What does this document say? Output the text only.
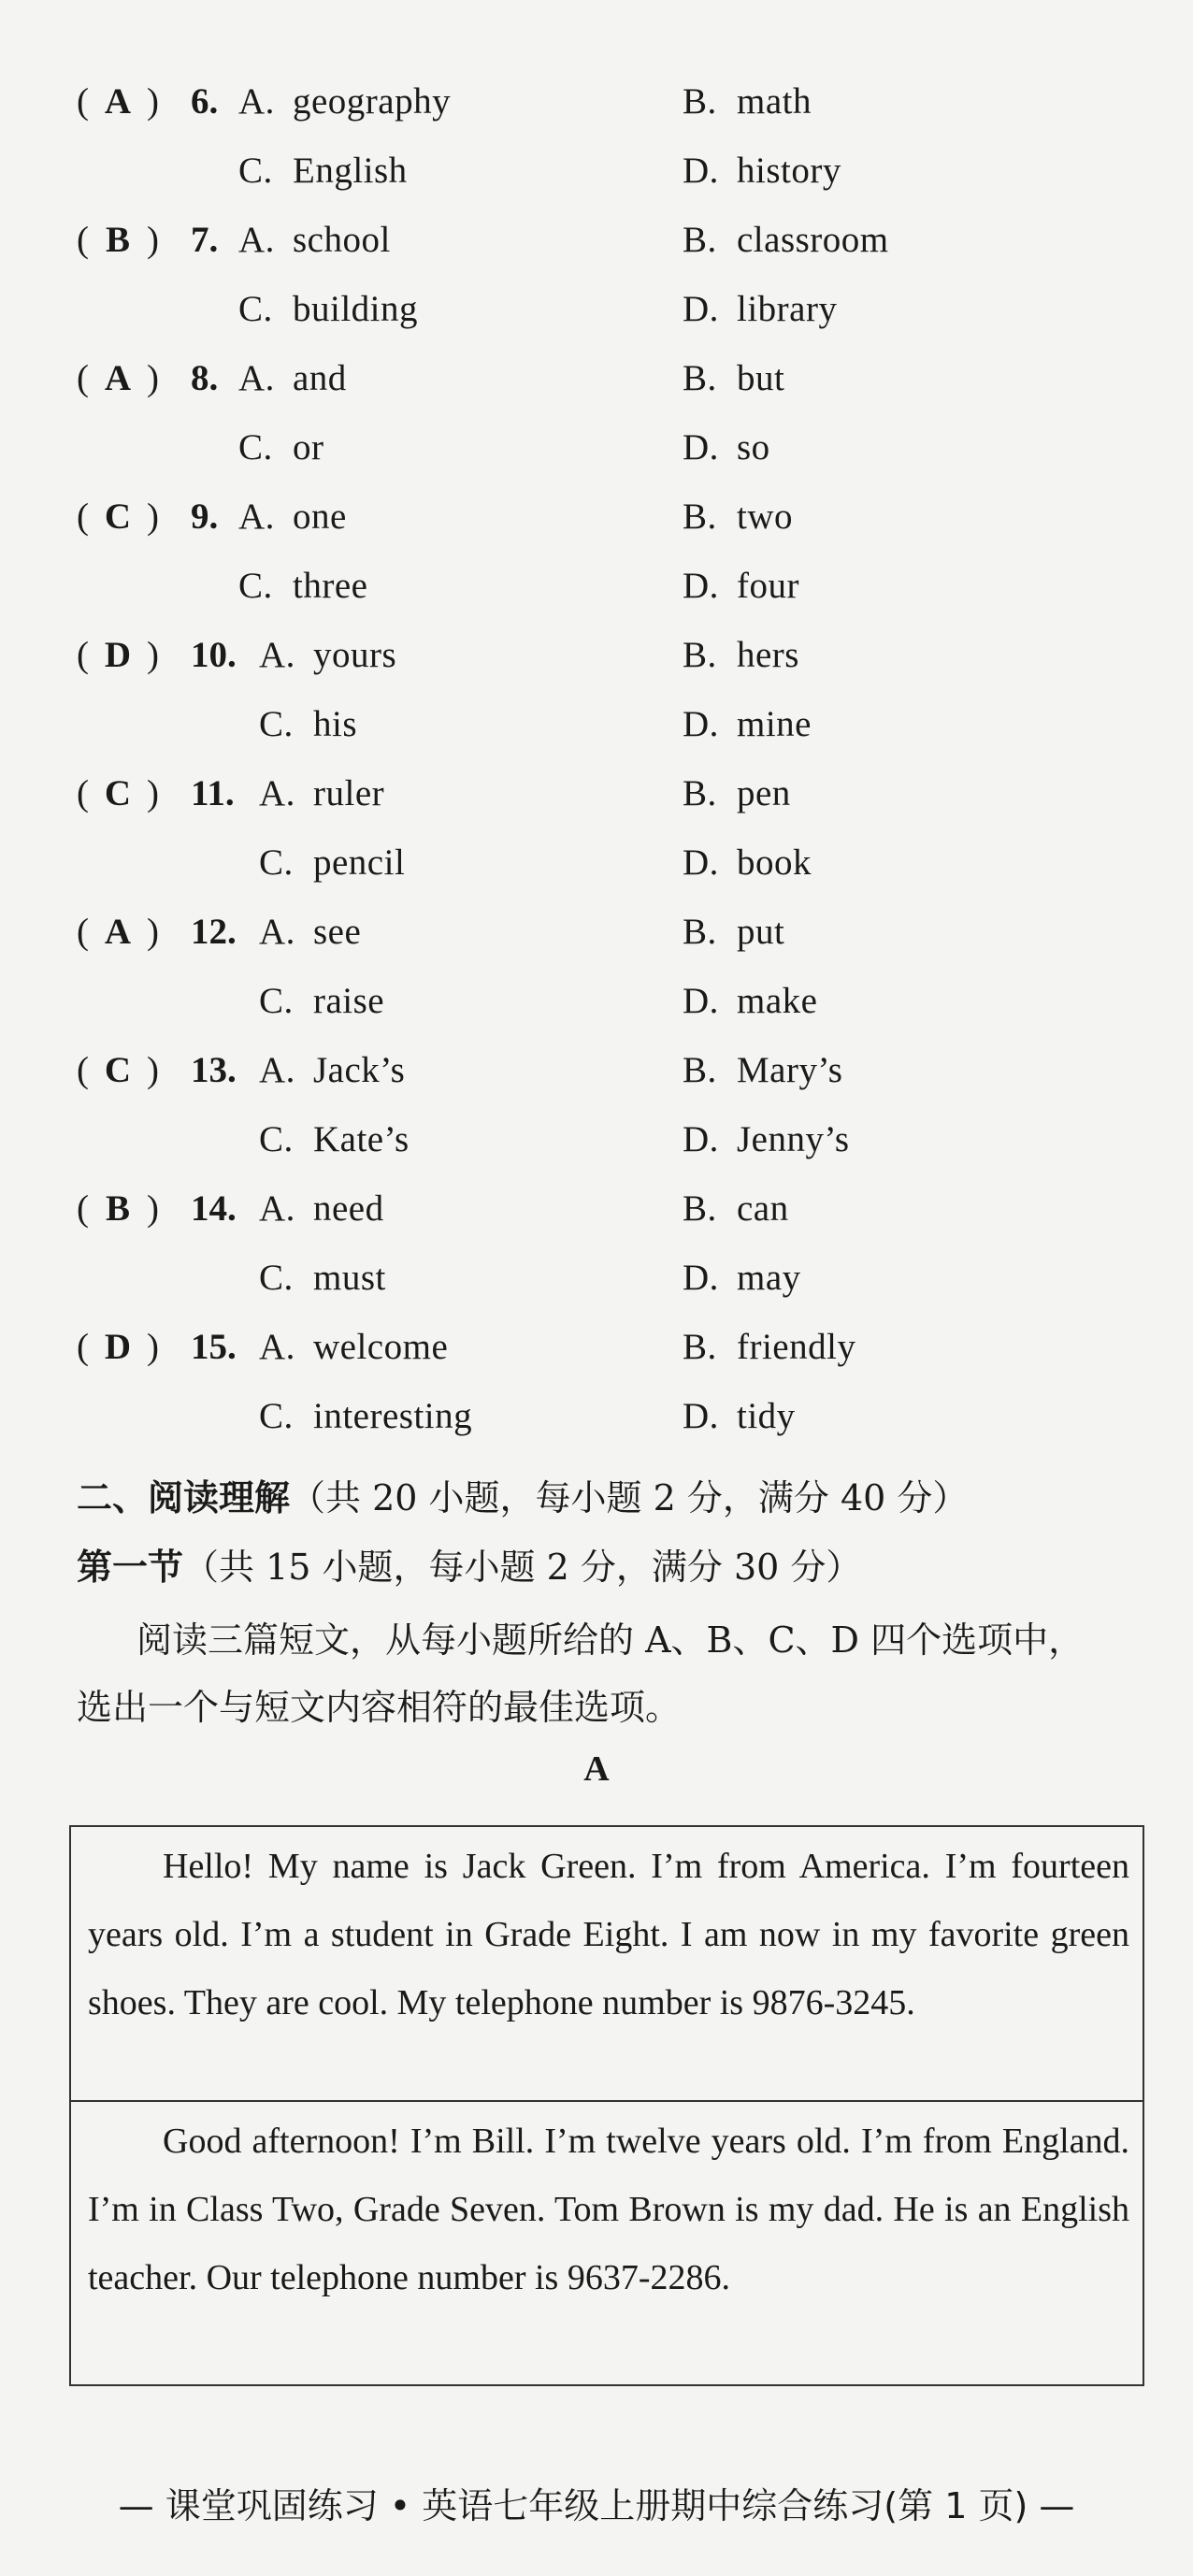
( A ) 6. A. geography	B. math
C. English	D. history
( B ) 7. A. school	B. classroom
C. building	D. library
( A ) 8. A. and	B. but
C. or	D. so
( C ) 9. A. one	B. two
C. three	D. four
( D ) 10. A. yours	B. hers
C. his	D. mine
( C ) 11. A. ruler	B. pen
C. pencil	D. book
( A ) 12. A. see	B. put
C. raise	D. make
( C ) 13. A. Jack’s	B. Mary’s
C. Kate’s	D. Jenny’s
( B ) 14. A. need	B. can
C. must	D. may
( D ) 15. A. welcome	B. friendly
C. interesting	D. tidy
二、阅读理解（共 20 小题，每小题 2 分，满分 40 分）
第一节（共 15 小题，每小题 2 分，满分 30 分）
阅读三篇短文，从每小题所给的 A、B、C、D 四个选项中，
选出一个与短文内容相符的最佳选项。
A
Hello! My name is Jack Green. I’m from America. I’m fourteen years old. I’m a student in Grade Eight. I am now in my favorite green shoes. They are cool. My telephone number is 9876-3245.
Good afternoon! I’m Bill. I’m twelve years old. I’m from England. I’m in Class Two, Grade Seven. Tom Brown is my dad. He is an English teacher. Our telephone number is 9637-2286.
— 课堂巩固练习 • 英语七年级上册期中综合练习(第 1 页) —
